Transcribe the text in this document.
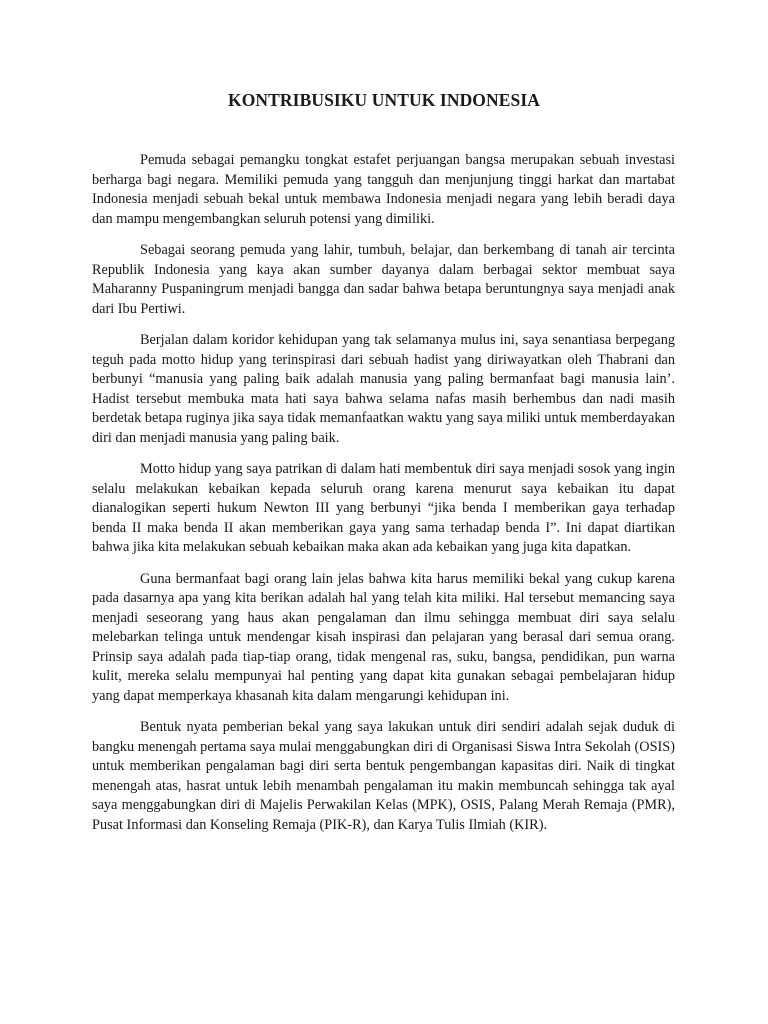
KONTRIBUSIKU UNTUK INDONESIA

Pemuda sebagai pemangku tongkat estafet perjuangan bangsa merupakan sebuah investasi berharga bagi negara. Memiliki pemuda yang tangguh dan menjunjung tinggi harkat dan martabat Indonesia menjadi sebuah bekal untuk membawa Indonesia menjadi negara yang lebih beradi daya dan mampu mengembangkan seluruh potensi yang dimiliki.

Sebagai seorang pemuda yang lahir, tumbuh, belajar, dan berkembang di tanah air tercinta Republik Indonesia yang kaya akan sumber dayanya dalam berbagai sektor membuat saya Maharanny Puspaningrum menjadi bangga dan sadar bahwa betapa beruntungnya saya menjadi anak dari Ibu Pertiwi.

Berjalan dalam koridor kehidupan yang tak selamanya mulus ini, saya senantiasa berpegang teguh pada motto hidup yang terinspirasi dari sebuah hadist yang diriwayatkan oleh Thabrani dan berbunyi “manusia yang paling baik adalah manusia yang paling bermanfaat bagi manusia lain’. Hadist tersebut membuka mata hati saya bahwa selama nafas masih berhembus dan nadi masih berdetak betapa ruginya jika saya tidak memanfaatkan waktu yang saya miliki untuk memberdayakan diri dan menjadi manusia yang paling baik.

Motto hidup yang saya patrikan di dalam hati membentuk diri saya menjadi sosok yang ingin selalu melakukan kebaikan kepada seluruh orang karena menurut saya kebaikan itu dapat dianalogikan seperti hukum Newton III yang berbunyi “jika benda I memberikan gaya terhadap benda II maka benda II akan memberikan gaya yang sama terhadap benda I”. Ini dapat diartikan bahwa jika kita melakukan sebuah kebaikan maka akan ada kebaikan yang juga kita dapatkan.

Guna bermanfaat bagi orang lain jelas bahwa kita harus memiliki bekal yang cukup karena pada dasarnya apa yang kita berikan adalah hal yang telah kita miliki. Hal tersebut memancing saya menjadi seseorang yang haus akan pengalaman dan ilmu sehingga membuat diri saya selalu melebarkan telinga untuk mendengar kisah inspirasi dan pelajaran yang berasal dari semua orang. Prinsip saya adalah pada tiap-tiap orang, tidak mengenal ras, suku, bangsa, pendidikan, pun warna kulit, mereka selalu mempunyai hal penting yang dapat kita gunakan sebagai pembelajaran hidup yang dapat memperkaya khasanah kita dalam mengarungi kehidupan ini.

Bentuk nyata pemberian bekal yang saya lakukan untuk diri sendiri adalah sejak duduk di bangku menengah pertama saya mulai menggabungkan diri di Organisasi Siswa Intra Sekolah (OSIS) untuk memberikan pengalaman bagi diri serta bentuk pengembangan kapasitas diri. Naik di tingkat menengah atas, hasrat untuk lebih menambah pengalaman itu makin membuncah sehingga tak ayal saya menggabungkan diri di Majelis Perwakilan Kelas (MPK), OSIS, Palang Merah Remaja (PMR), Pusat Informasi dan Konseling Remaja (PIK-R), dan Karya Tulis Ilmiah (KIR).
